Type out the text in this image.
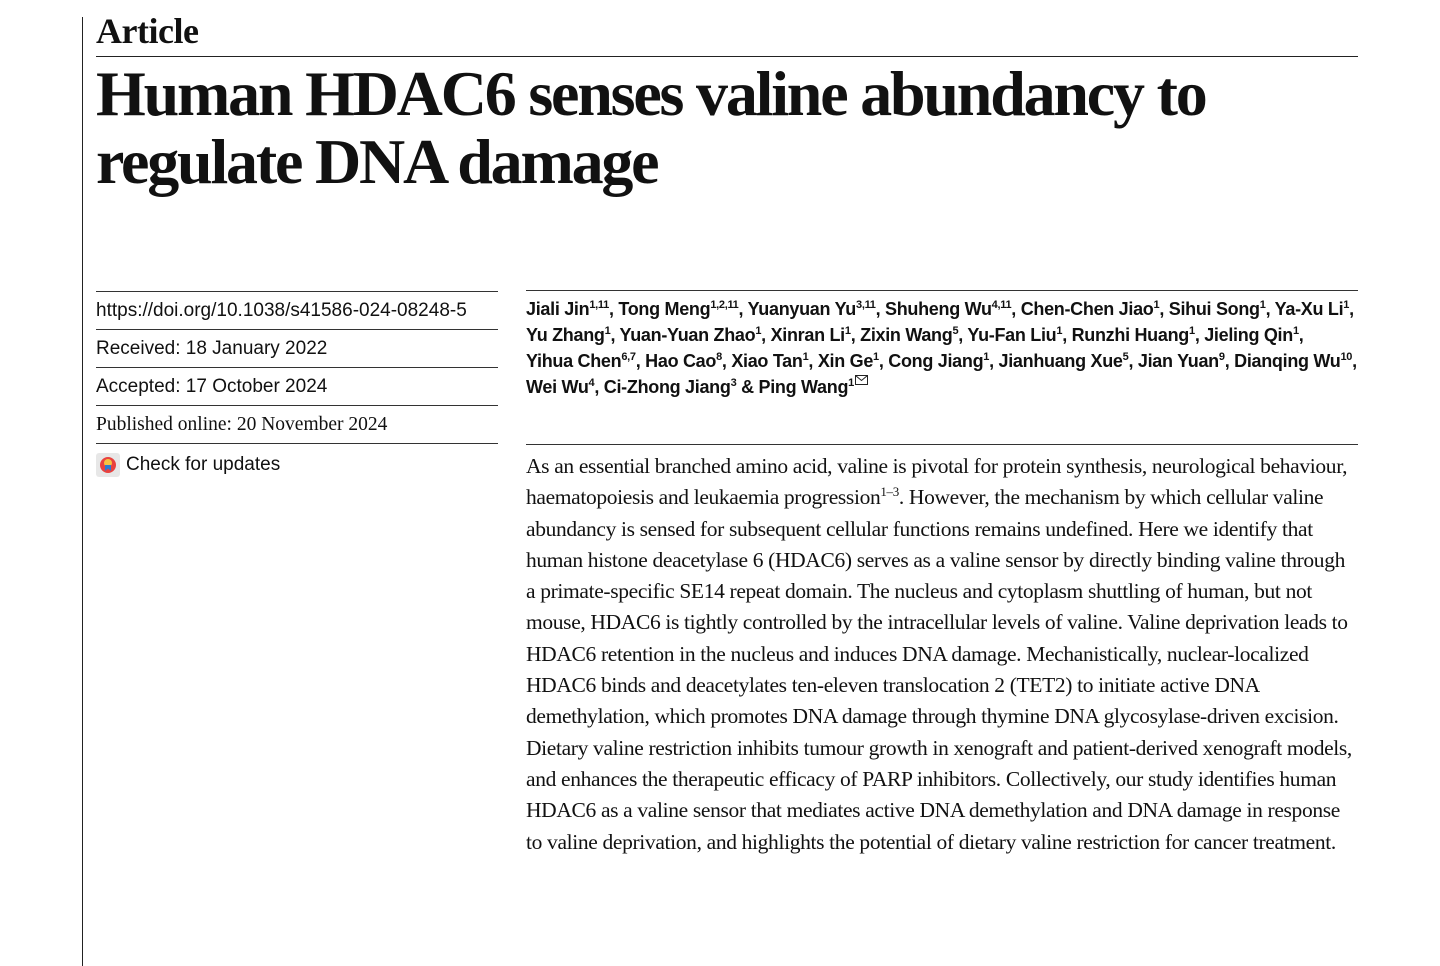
Article
Human HDAC6 senses valine abundancy to regulate DNA damage
https://doi.org/10.1038/s41586-024-08248-5
Received: 18 January 2022
Accepted: 17 October 2024
Published online: 20 November 2024
Check for updates

Jiali Jin$^{1,11}$, Tong Meng$^{1,2,11}$, Yuanyuan Yu$^{3,11}$, Shuheng Wu$^{4,11}$, Chen-Chen Jiao$^1$, Sihui Song$^1$, Ya-Xu Li$^1$, Yu Zhang$^1$, Yuan-Yuan Zhao$^1$, Xinran Li$^1$, Zixin Wang$^5$, Yu-Fan Liu$^1$, Runzhi Huang$^1$, Jieling Qin$^1$, Yihua Chen$^{6,7}$, Hao Cao$^8$, Xiao Tan$^1$, Xin Ge$^1$, Cong Jiang$^1$, Jianhuang Xue$^5$, Jian Yuan$^9$, Dianqing Wu$^{10}$, Wei Wu$^4$, Ci-Zhong Jiang$^3$ & Ping Wang$^1$

As an essential branched amino acid, valine is pivotal for protein synthesis, neurological behaviour, haematopoiesis and leukaemia progression$^{1-3}$. However, the mechanism by which cellular valine abundancy is sensed for subsequent cellular functions remains undefined. Here we identify that human histone deacetylase 6 (HDAC6) serves as a valine sensor by directly binding valine through a primate-specific SE14 repeat domain. The nucleus and cytoplasm shuttling of human, but not mouse, HDAC6 is tightly controlled by the intracellular levels of valine. Valine deprivation leads to HDAC6 retention in the nucleus and induces DNA damage. Mechanistically, nuclear-localized HDAC6 binds and deacetylates ten-eleven translocation 2 (TET2) to initiate active DNA demethylation, which promotes DNA damage through thymine DNA glycosylase-driven excision. Dietary valine restriction inhibits tumour growth in xenograft and patient-derived xenograft models, and enhances the therapeutic efficacy of PARP inhibitors. Collectively, our study identifies human HDAC6 as a valine sensor that mediates active DNA demethylation and DNA damage in response to valine deprivation, and highlights the potential of dietary valine restriction for cancer treatment.
